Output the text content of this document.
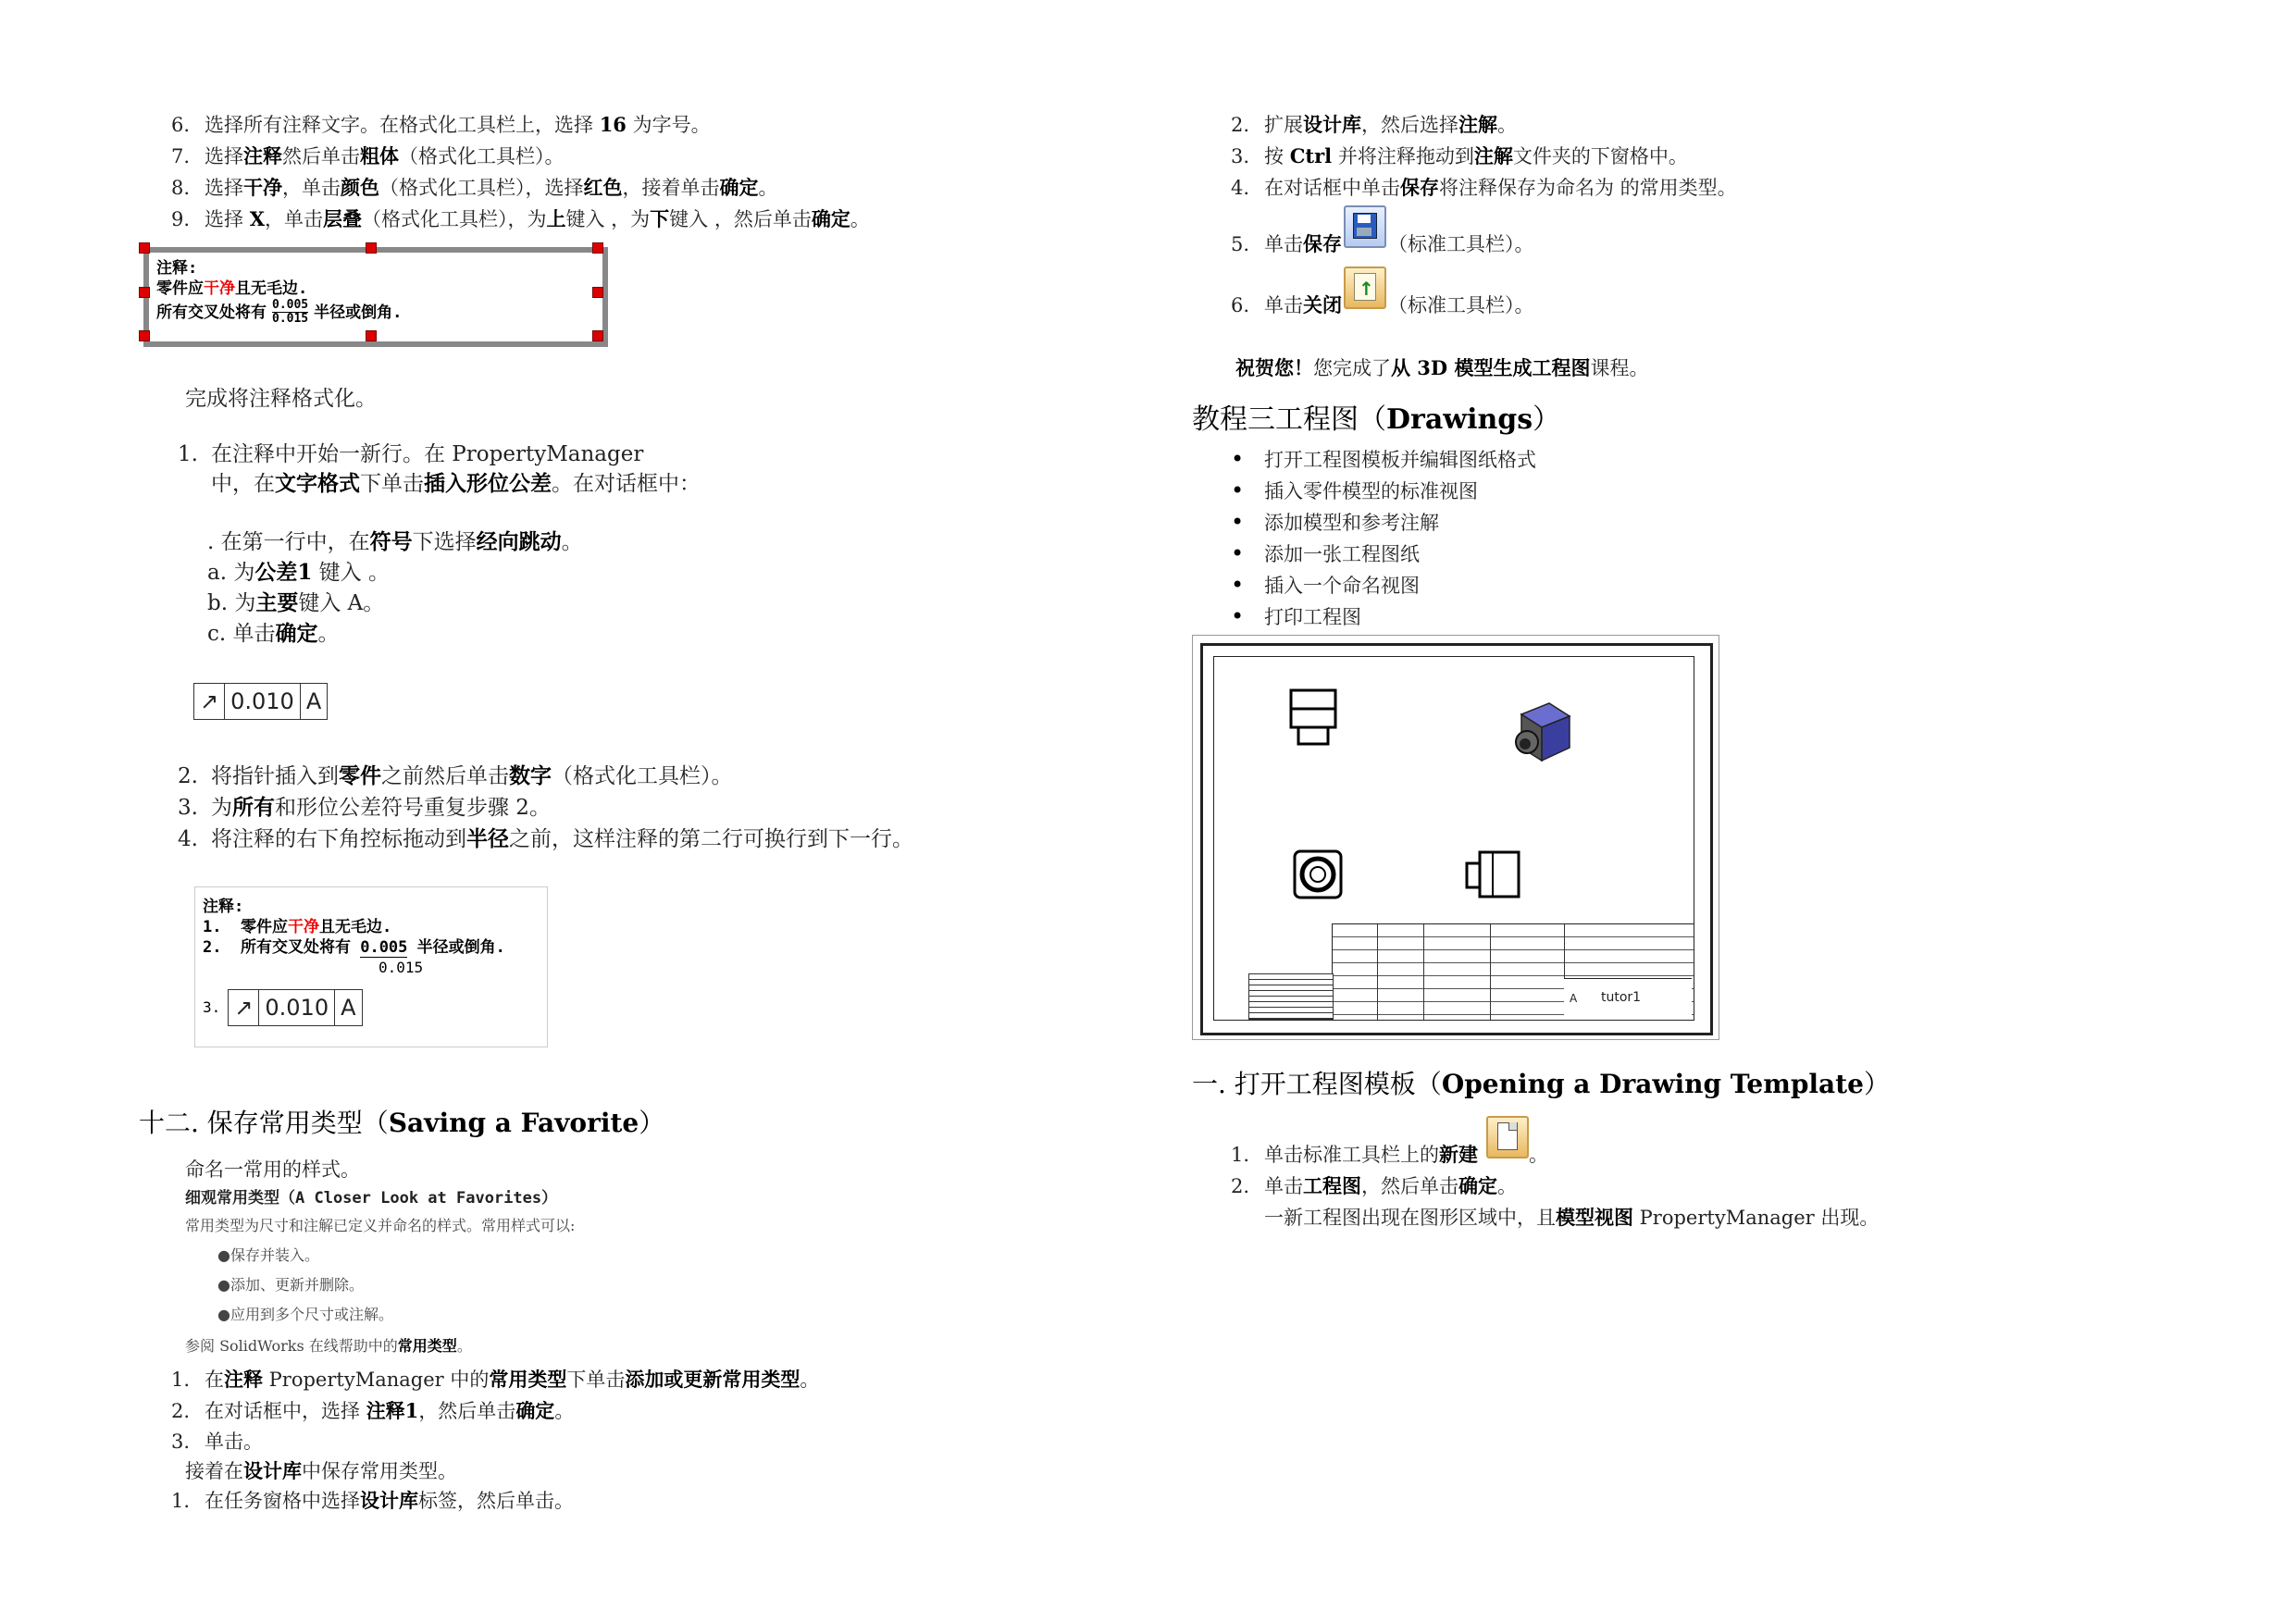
6. 选择所有注释文字。在格式化工具栏上，选择 16 为字号。
7. 选择注释然后单击粗体（格式化工具栏）。
8. 选择干净，单击颜色（格式化工具栏），选择红色，接着单击确定。
9. 选择 X，单击层叠（格式化工具栏），为上键入 ，为下键入 ，然后单击确定。
注释:
零件应干净且无毛边.
所有交叉处将有 0.005
0.015 半径或倒角.
完成将注释格式化。
1. 在注释中开始一新行。在 PropertyManager
中，在文字格式下单击插入形位公差。在对话框中：
. 在第一行中，在符号下选择经向跳动。
a. 为公差1 键入 。
b. 为主要键入 A。
c. 单击确定。
↗ 0.010 A
2. 将指针插入到零件之前然后单击数字（格式化工具栏）。
3. 为所有和形位公差符号重复步骤 2。
4. 将注释的右下角控标拖动到半径之前，这样注释的第二行可换行到下一行。
注释:
1. 零件应干净且无毛边.
2. 所有交叉处将有 0.005 半径或倒角.
0.015
3. ↗ 0.010 A
十二. 保存常用类型（Saving a Favorite）
命名一常用的样式。
细观常用类型（A Closer Look at Favorites）
常用类型为尺寸和注解已定义并命名的样式。常用样式可以:
●保存并装入。
●添加、更新并删除。
●应用到多个尺寸或注解。
参阅 SolidWorks 在线帮助中的常用类型。
1. 在注释 PropertyManager 中的常用类型下单击添加或更新常用类型。
2. 在对话框中，选择 注释1，然后单击确定。
3. 单击。
接着在设计库中保存常用类型。
1. 在任务窗格中选择设计库标签，然后单击。
2. 扩展设计库，然后选择注解。
3. 按 Ctrl 并将注释拖动到注解文件夹的下窗格中。
4. 在对话框中单击保存将注释保存为命名为 的常用类型。
5. 单击保存 （标准工具栏）。
6. 单击关闭
↑
（标准工具栏）。
祝贺您！您完成了从 3D 模型生成工程图课程。
教程三工程图（Drawings）
• 打开工程图模板并编辑图纸格式
• 插入零件模型的标准视图
• 添加模型和参考注解
• 添加一张工程图纸
• 插入一个命名视图
• 打印工程图
A tutor1
一. 打开工程图模板（Opening a Drawing Template）
1. 单击标准工具栏上的新建	。
2. 单击工程图，然后单击确定。
一新工程图出现在图形区域中，且模型视图 PropertyManager 出现。
